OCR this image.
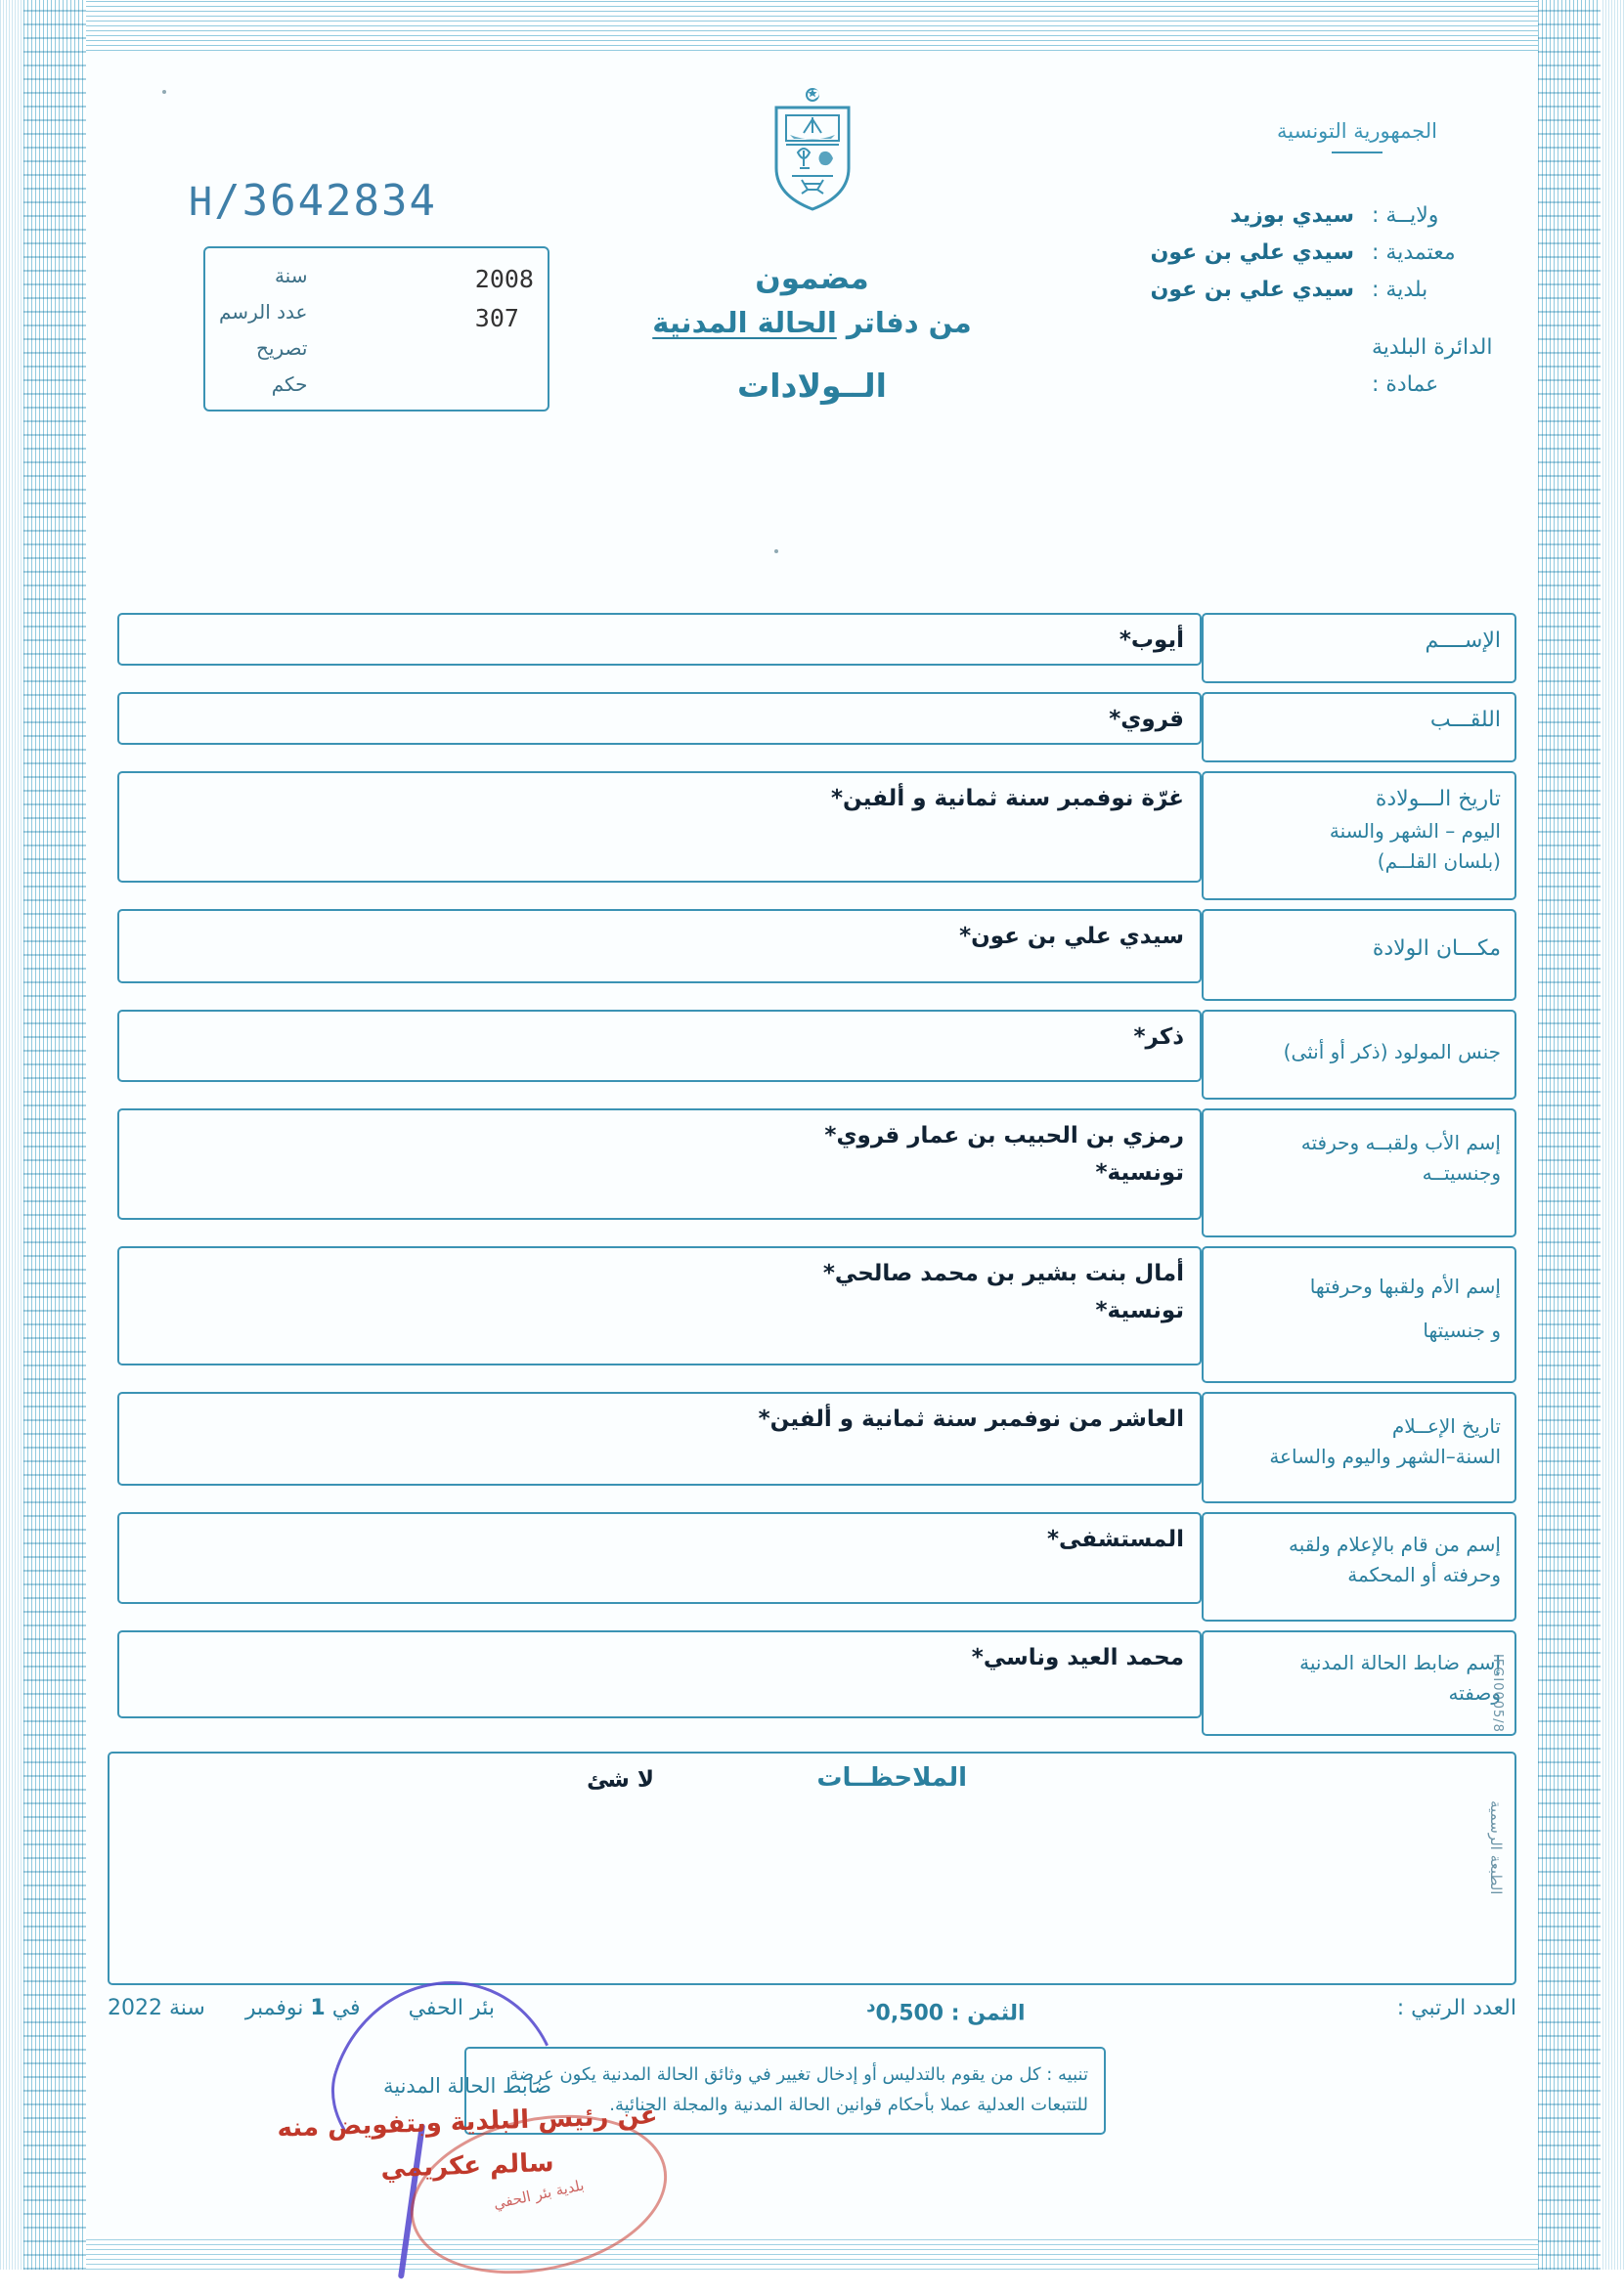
الجمهورية التونسية
ولايــة :
سيدي بوزيد
معتمدية :
سيدي علي بن عون
بلدية :
سيدي علي بن عون
الدائرة البلدية
عمادة :
مضمون
من دفاتر الحالة المدنية
الــولادات
H/3642834
سنة
عدد الرسم
تصريح
حكم
2008
307
الإســــم
أيوب*
اللقـــب
قروي*
تاريخ الـــولادة
اليوم – الشهر والسنة
(بلسان القلــم)
غرّة نوفمبر سنة ثمانية و ألفين*
مكـــان الولادة
سيدي علي بن عون*
جنس المولود (ذكر أو أنثى)
ذكر*
إسم الأب ولقبــه وحرفته
وجنسيتــه
رمزي بن الحبيب بن عمار قروي*
تونسية*
إسم الأم ولقبها وحرفتها
و جنسيتها
أمال بنت بشير بن محمد صالحي*
تونسية*
تاريخ الإعــلام
السنة–الشهر واليوم والساعة
العاشر من نوفمبر سنة ثمانية و ألفين*
إسم من قام بالإعلام ولقبه
وحرفته أو المحكمة
المستشفى*
إسم ضابط الحالة المدنية
وصفته
محمد العيد وناسي*
الملاحظــات
لا شئ
العدد الرتبي :
الثمن : $0,500^د$
بئر الحفي في 1 نوفمبر سنة 2022
تنبيه : كل من يقوم بالتدليس أو إدخال تغيير في وثائق الحالة المدنية يكون عرضة للتتبعات العدلية عملا بأحكام قوانين الحالة المدنية والمجلة الجنائية.
ضابط الحالة المدنية
عن رئيس البلدية وبتفويض منه
سالم عكريمي
بلدية بئر الحفي
IFGI0005/8
الطبعة الرسمية
